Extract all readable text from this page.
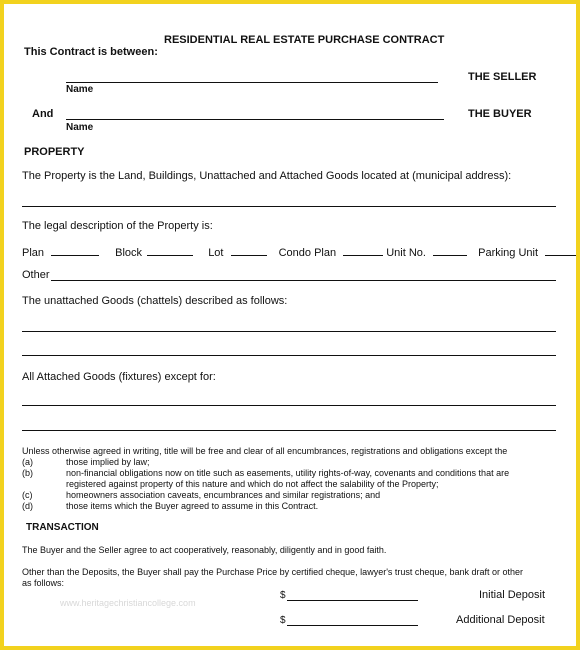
RESIDENTIAL REAL ESTATE PURCHASE CONTRACT
This Contract is between:
THE SELLER
Name
And	THE BUYER
Name
PROPERTY
The Property is the Land, Buildings, Unattached and Attached Goods located at (municipal address):
The legal description of the Property is:
Plan	Block	Lot	Condo Plan	Unit No.	Parking Unit
Other
The unattached Goods (chattels) described as follows:
All Attached Goods (fixtures) except for:
Unless otherwise agreed in writing, title will be free and clear of all encumbrances, registrations and obligations except the
(a)	those implied by law;
(b)	non-financial obligations now on title such as easements, utility rights-of-way, covenants and conditions that are
registered against property of this nature and which do not affect the salability of the Property;
(c)	homeowners association caveats, encumbrances and similar registrations; and
(d)	those items which the Buyer agreed to assume in this Contract.
TRANSACTION
The Buyer and the Seller agree to act cooperatively, reasonably, diligently and in good faith.
Other than the Deposits, the Buyer shall pay the Purchase Price by certified cheque, lawyer's trust cheque, bank draft or other
as follows:
www.heritagechristiancollege.com
$	Initial Deposit
$	Additional Deposit
